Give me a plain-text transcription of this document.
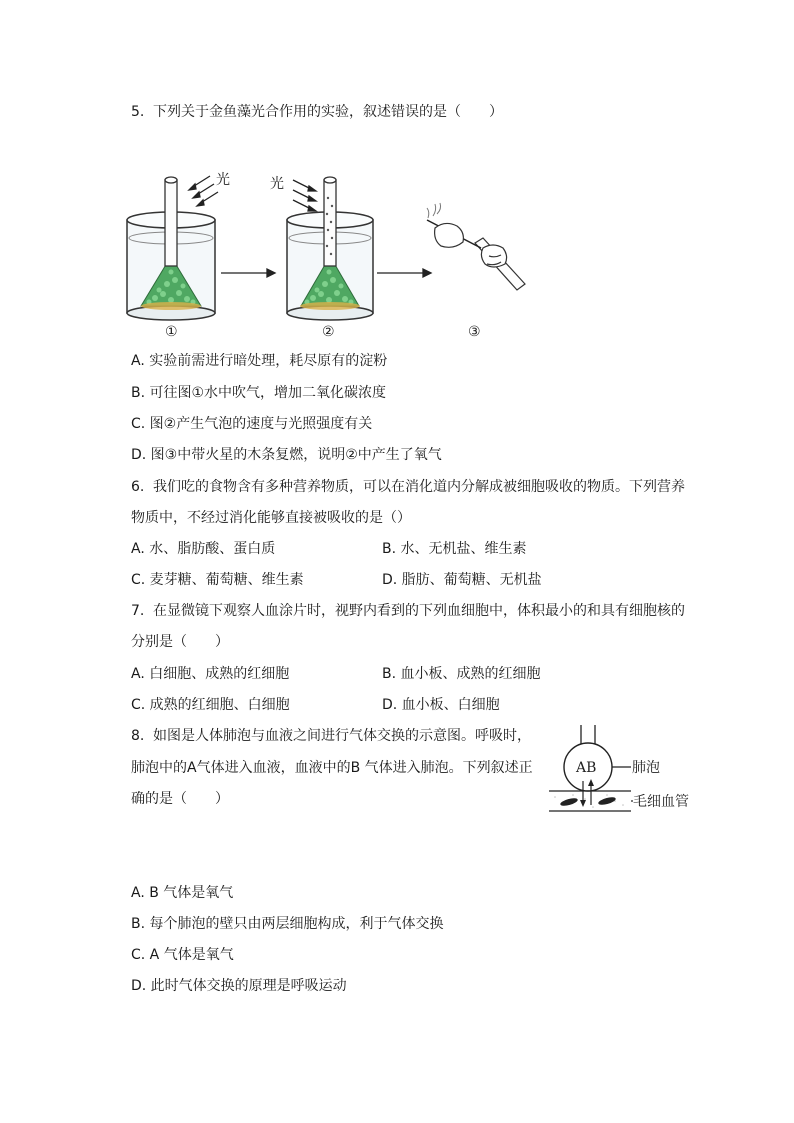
5. 下列关于金鱼藻光合作用的实验，叙述错误的是（　　）
光	光
①	②	③
A. 实验前需进行暗处理，耗尽原有的淀粉
B. 可往图①水中吹气，增加二氧化碳浓度
C. 图②产生气泡的速度与光照强度有关
D. 图③中带火星的木条复燃，说明②中产生了氧气
6. 我们吃的食物含有多种营养物质，可以在消化道内分解成被细胞吸收的物质。下列营养
物质中，不经过消化能够直接被吸收的是（）
A. 水、脂肪酸、蛋白质	B. 水、无机盐、维生素
C. 麦芽糖、葡萄糖、维生素	D. 脂肪、葡萄糖、无机盐
7. 在显微镜下观察人血涂片时，视野内看到的下列血细胞中，体积最小的和具有细胞核的
分别是（　　）
A. 白细胞、成熟的红细胞	B. 血小板、成熟的红细胞
C. 成熟的红细胞、白细胞	D. 血小板、白细胞
8. 如图是人体肺泡与血液之间进行气体交换的示意图。呼吸时，
肺泡中的A气体进入血液，血液中的B 气体进入肺泡。下列叙述正
确的是（　　）
AB	肺泡
毛细血管
A. B 气体是氧气
B. 每个肺泡的壁只由两层细胞构成，利于气体交换
C. A 气体是氧气
D. 此时气体交换的原理是呼吸运动
